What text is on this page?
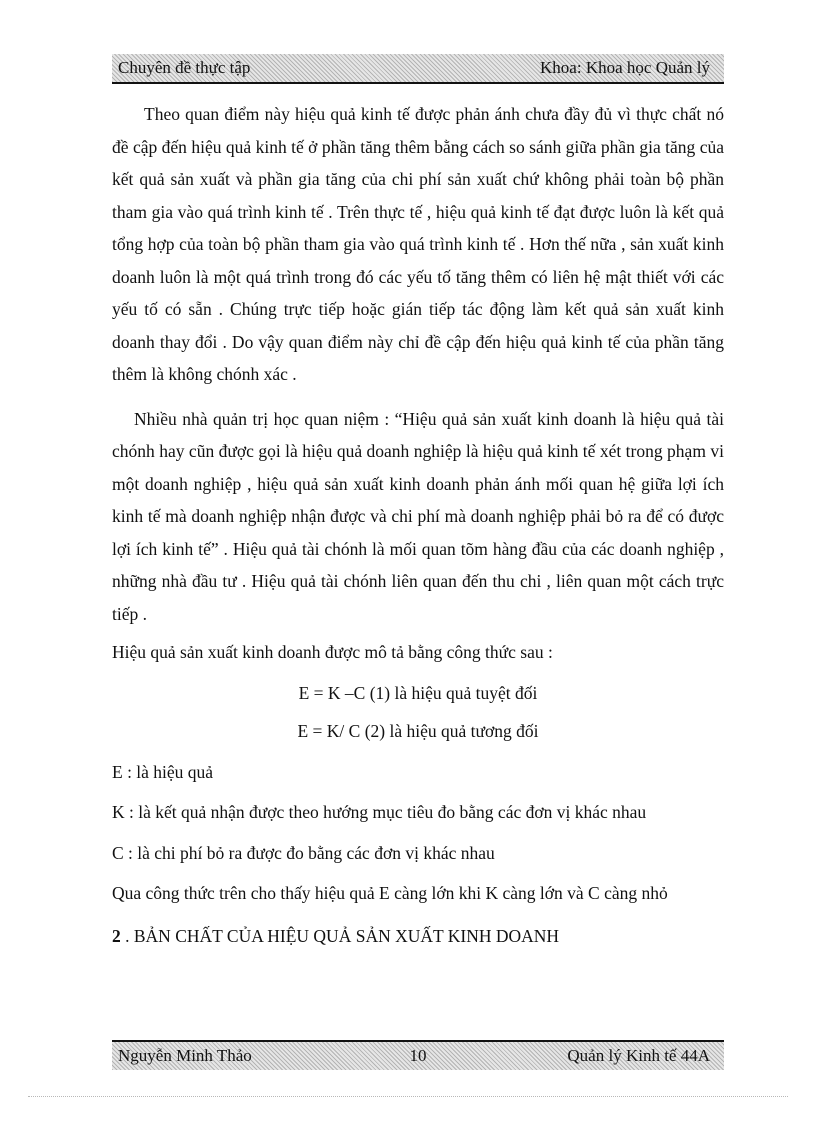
Chuyên đề thực tập	Khoa: Khoa học Quản lý

Theo quan điểm này hiệu quả kinh tế được phản ánh chưa đầy đủ vì thực chất nó đề cập đến hiệu quả kinh tế ở phần tăng thêm bằng cách so sánh giữa phần gia tăng của kết quả sản xuất và phần gia tăng của chi phí sản xuất chứ không phải toàn bộ phần tham gia vào quá trình kinh tế . Trên thực tế , hiệu quả kinh tế đạt được luôn là kết quả tổng hợp của toàn bộ phần tham gia vào quá trình kinh tế . Hơn thế nữa , sản xuất kinh doanh luôn là một quá trình trong đó các yếu tố tăng thêm có liên hệ mật thiết với các yếu tố có sẵn . Chúng trực tiếp hoặc gián tiếp tác động làm kết quả sản xuất kinh doanh thay đổi . Do vậy quan điểm này chỉ đề cập đến hiệu quả kinh tế của phần tăng thêm là không chónh xác .

Nhiều nhà quản trị học quan niệm : “Hiệu quả sản xuất kinh doanh là hiệu quả tài chónh hay cũn được gọi là hiệu quả doanh nghiệp là hiệu quả kinh tế xét trong phạm vi một doanh nghiệp , hiệu quả sản xuất kinh doanh phản ánh mối quan hệ giữa lợi ích kinh tế mà doanh nghiệp nhận được và chi phí mà doanh nghiệp phải bỏ ra để có được lợi ích kinh tế” . Hiệu quả tài chónh là mối quan tõm hàng đầu của các doanh nghiệp , những nhà đầu tư . Hiệu quả tài chónh liên quan đến thu chi , liên quan một cách trực tiếp .

Hiệu quả sản xuất kinh doanh được mô tả bằng công thức sau :

E = K –C (1) là hiệu quả tuyệt đối

E = K/ C (2) là hiệu quả tương đối

E : là hiệu quả

K : là kết quả nhận được theo hướng mục tiêu đo bằng các đơn vị khác nhau

C : là chi phí bỏ ra được đo bằng các đơn vị khác nhau

Qua công thức trên cho thấy hiệu quả E càng lớn khi K càng lớn và C càng nhỏ

2 . BẢN CHẤT CỦA HIỆU QUẢ SẢN XUẤT KINH DOANH

Nguyễn Minh Thảo	10	Quản lý Kinh tế 44A
